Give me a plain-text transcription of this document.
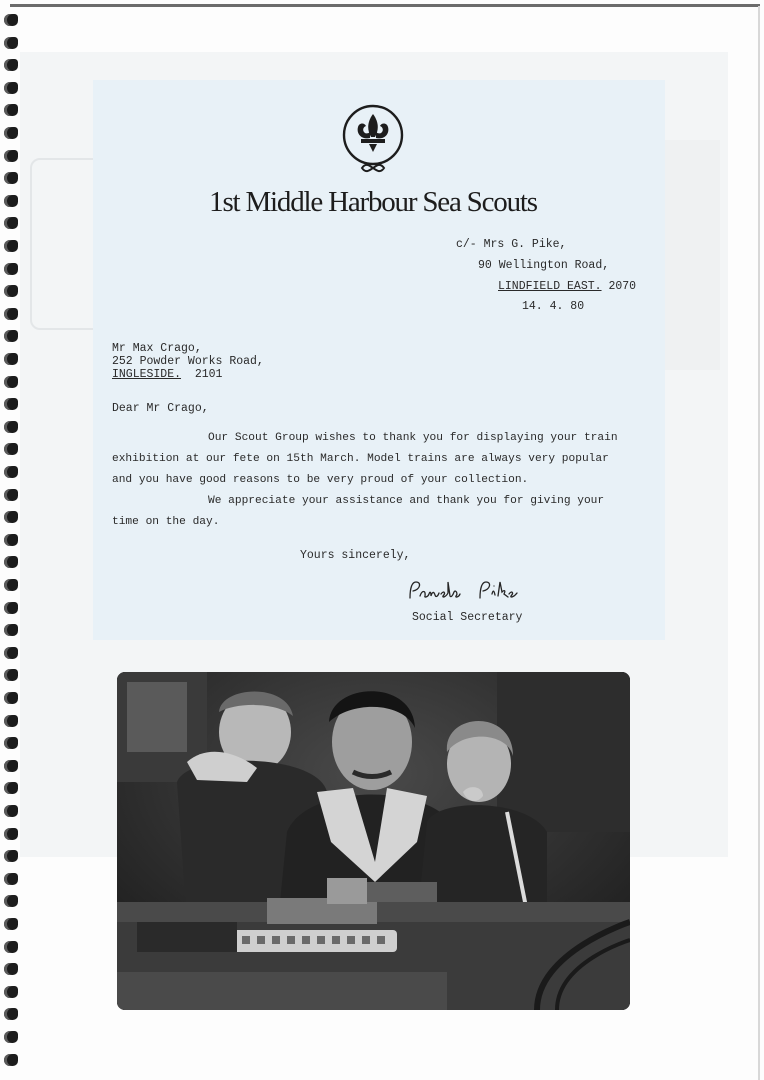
1st Middle Harbour Sea Scouts
c/- Mrs G. Pike,
90 Wellington Road,
LINDFIELD EAST. 2070
14. 4. 80
Mr Max Crago,
252 Powder Works Road,
INGLESIDE. 2101
Dear Mr Crago,

Our Scout Group wishes to thank you for displaying your train exhibition at our fete on 15th March. Model trains are always very popular and you have good reasons to be very proud of your collection.

We appreciate your assistance and thank you for giving your time on the day.

Yours sincerely,
Social Secretary
